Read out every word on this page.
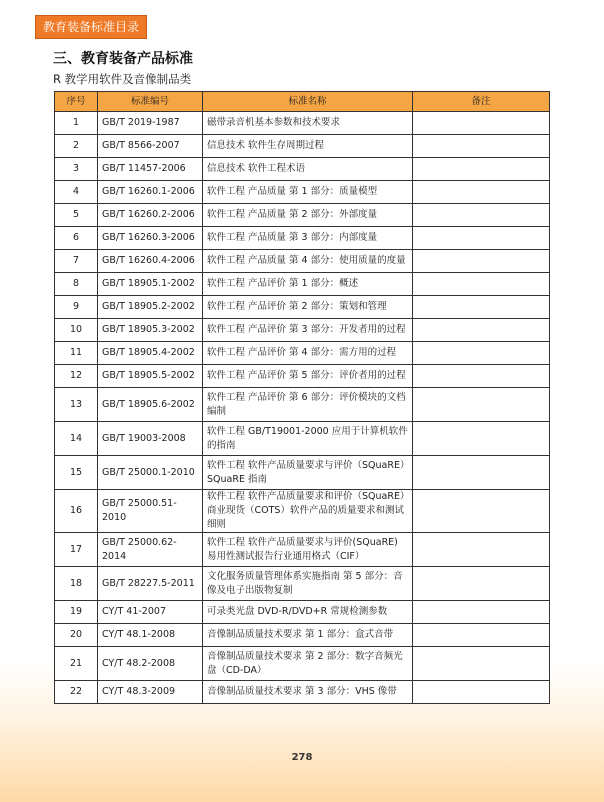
教育装备标准目录
三、教育装备产品标准
R 教学用软件及音像制品类
序号	标准编号	标准名称	备注
1	GB/T 2019-1987	磁带录音机基本参数和技术要求	
2	GB/T 8566-2007	信息技术 软件生存周期过程	
3	GB/T 11457-2006	信息技术 软件工程术语	
4	GB/T 16260.1-2006	软件工程 产品质量 第 1 部分：质量模型	
5	GB/T 16260.2-2006	软件工程 产品质量 第 2 部分：外部度量	
6	GB/T 16260.3-2006	软件工程 产品质量 第 3 部分：内部度量	
7	GB/T 16260.4-2006	软件工程 产品质量 第 4 部分：使用质量的度量	
8	GB/T 18905.1-2002	软件工程 产品评价 第 1 部分：概述	
9	GB/T 18905.2-2002	软件工程 产品评价 第 2 部分：策划和管理	
10	GB/T 18905.3-2002	软件工程 产品评价 第 3 部分：开发者用的过程	
11	GB/T 18905.4-2002	软件工程 产品评价 第 4 部分：需方用的过程	
12	GB/T 18905.5-2002	软件工程 产品评价 第 5 部分：评价者用的过程	
13	GB/T 18905.6-2002	软件工程 产品评价 第 6 部分：评价模块的文档编制	
14	GB/T 19003-2008	软件工程 GB/T19001-2000 应用于计算机软件的指南	
15	GB/T 25000.1-2010	软件工程 软件产品质量要求与评价（SQuaRE）SQuaRE 指南	
16	GB/T 25000.51-2010	软件工程 软件产品质量要求和评价（SQuaRE）商业现货（COTS）软件产品的质量要求和测试细则	
17	GB/T 25000.62-2014	软件工程 软件产品质量要求与评价(SQuaRE) 易用性测试报告行业通用格式（CIF）	
18	GB/T 28227.5-2011	文化服务质量管理体系实施指南 第 5 部分：音像及电子出版物复制	
19	CY/T 41-2007	可录类光盘 DVD-R/DVD+R 常规检测参数	
20	CY/T 48.1-2008	音像制品质量技术要求 第 1 部分：盒式音带	
21	CY/T 48.2-2008	音像制品质量技术要求 第 2 部分：数字音频光盘（CD-DA）	
22	CY/T 48.3-2009	音像制品质量技术要求 第 3 部分：VHS 像带	
278
